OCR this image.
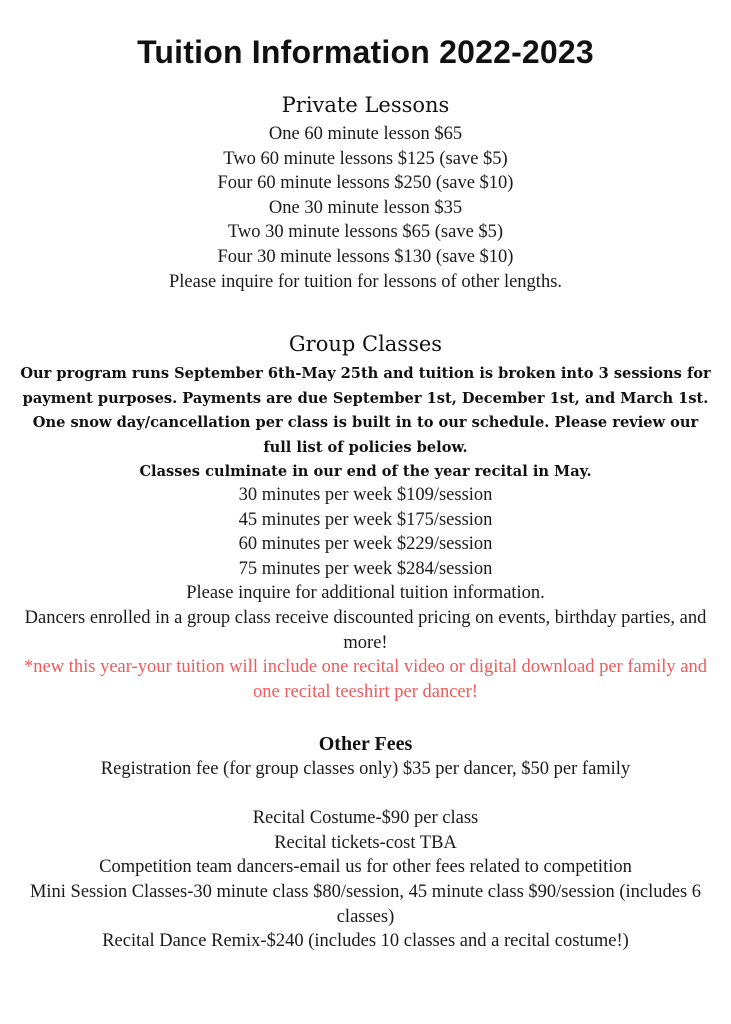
Tuition Information 2022-2023
Private Lessons
One 60 minute lesson $65
Two 60 minute lessons $125 (save $5)
Four 60 minute lessons $250 (save $10)
One 30 minute lesson $35
Two 30 minute lessons $65 (save $5)
Four 30 minute lessons $130 (save $10)
Please inquire for tuition for lessons of other lengths.
Group Classes
Our program runs September 6th-May 25th and tuition is broken into 3 sessions for
payment purposes. Payments are due September 1st, December 1st, and March 1st.
One snow day/cancellation per class is built in to our schedule. Please review our
full list of policies below.
Classes culminate in our end of the year recital in May.
30 minutes per week $109/session
45 minutes per week $175/session
60 minutes per week $229/session
75 minutes per week $284/session
Please inquire for additional tuition information.
Dancers enrolled in a group class receive discounted pricing on events, birthday parties, and more!
*new this year-your tuition will include one recital video or digital download per family and one recital teeshirt per dancer!
Other Fees
Registration fee (for group classes only) $35 per dancer, $50 per family
Recital Costume-$90 per class
Recital tickets-cost TBA
Competition team dancers-email us for other fees related to competition
Mini Session Classes-30 minute class $80/session, 45 minute class $90/session (includes 6 classes)
Recital Dance Remix-$240 (includes 10 classes and a recital costume!)
